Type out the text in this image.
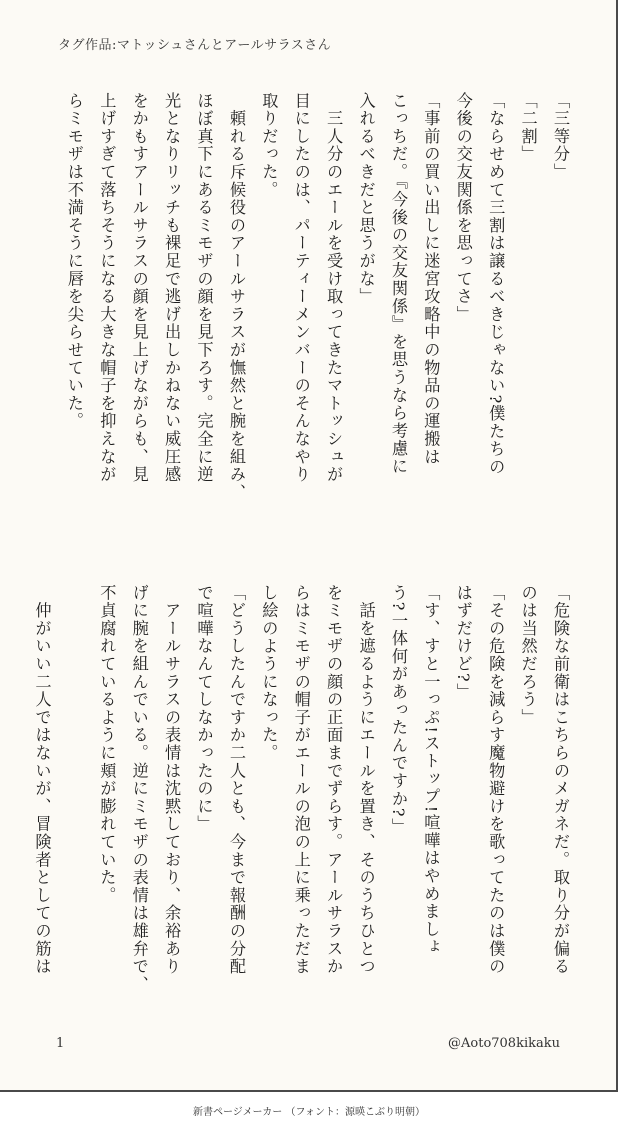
タグ作品:マトッシュさんとアールサラスさん
「三等分」
「二割」
「ならせめて三割は譲るべきじゃない?僕たちの
今後の交友関係を思ってさ」
「事前の買い出しに迷宮攻略中の物品の運搬は
こっちだ。『今後の交友関係』を思うなら考慮に
入れるべきだと思うがな」
　三人分のエールを受け取ってきたマトッシュが
目にしたのは、パーティーメンバーのそんなやり
取りだった。
　頼れる斥候役のアールサラスが憮然と腕を組み、
ほぼ真下にあるミモザの顔を見下ろす。完全に逆
光となりリッチも裸足で逃げ出しかねない威圧感
をかもすアールサラスの顔を見上げながらも、見
上げすぎて落ちそうになる大きな帽子を抑えなが
らミモザは不満そうに唇を尖らせていた。
「危険な前衛はこちらのメガネだ。取り分が偏る
のは当然だろう」
「その危険を減らす魔物避けを歌ってたのは僕の
はずだけど?」
「す、すと一っぷ!ストップ!喧嘩はやめましょ
う?一体何があったんですか?」
　話を遮るようにエールを置き、そのうちひとつ
をミモザの顔の正面までずらす。アールサラスか
らはミモザの帽子がエールの泡の上に乗っただま
し絵のようになった。
「どうしたんですか二人とも、今まで報酬の分配
で喧嘩なんてしなかったのに」
　アールサラスの表情は沈黙しており、余裕あり
げに腕を組んでいる。逆にミモザの表情は雄弁で、
不貞腐れているように頬が膨れていた。

　仲がいい二人ではないが、冒険者としての筋は
1	@Aoto708kikaku
新書ページメーカー （フォント：源暎こぶり明朝）
